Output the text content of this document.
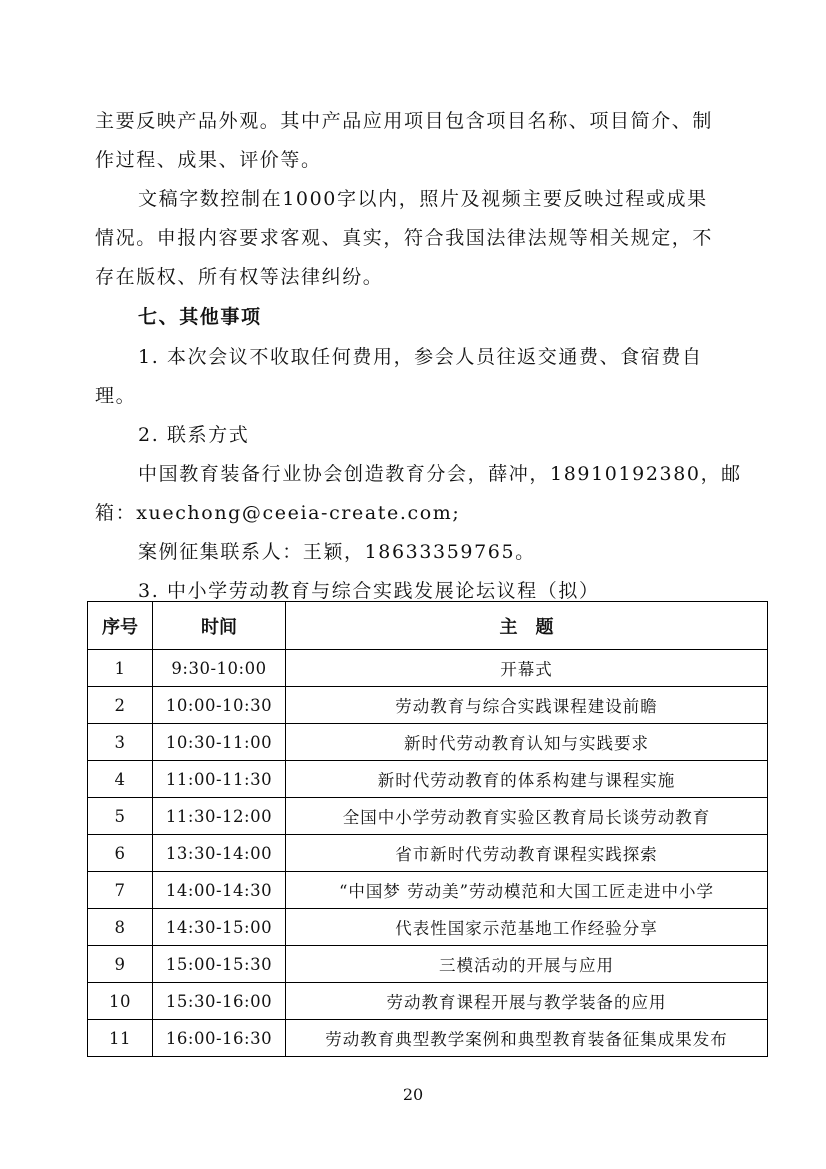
主要反映产品外观。其中产品应用项目包含项目名称、项目简介、制
作过程、成果、评价等。
文稿字数控制在1000字以内，照片及视频主要反映过程或成果
情况。申报内容要求客观、真实，符合我国法律法规等相关规定，不
存在版权、所有权等法律纠纷。
七、其他事项
1. 本次会议不收取任何费用，参会人员往返交通费、食宿费自
理。
2. 联系方式
中国教育装备行业协会创造教育分会，薛冲，18910192380，邮
箱：xuechong@ceeia-create.com;
案例征集联系人：王颖，18633359765。
3. 中小学劳动教育与综合实践发展论坛议程（拟）
序号	时间	主　题
1	9:30-10:00	开幕式
2	10:00-10:30	劳动教育与综合实践课程建设前瞻
3	10:30-11:00	新时代劳动教育认知与实践要求
4	11:00-11:30	新时代劳动教育的体系构建与课程实施
5	11:30-12:00	全国中小学劳动教育实验区教育局长谈劳动教育
6	13:30-14:00	省市新时代劳动教育课程实践探索
7	14:00-14:30	“中国梦 劳动美”劳动模范和大国工匠走进中小学
8	14:30-15:00	代表性国家示范基地工作经验分享
9	15:00-15:30	三模活动的开展与应用
10	15:30-16:00	劳动教育课程开展与教学装备的应用
11	16:00-16:30	劳动教育典型教学案例和典型教育装备征集成果发布
20
